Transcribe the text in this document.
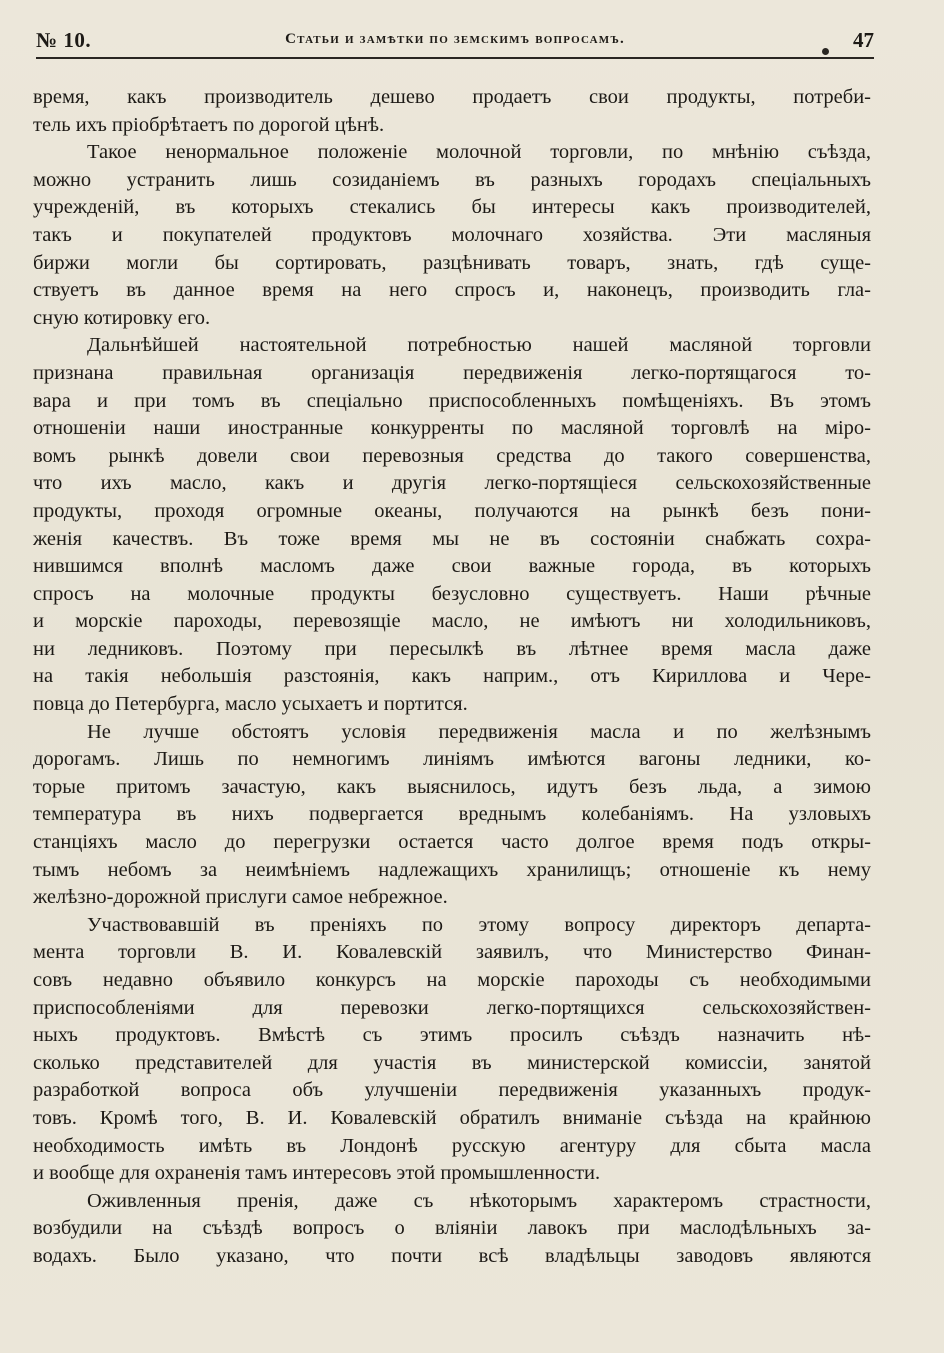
№ 10.	Статьи и замѣтки по земскимъ вопросамъ.	47
время, какъ производитель дешево продаетъ свои продукты, потреби-
тель ихъ пріобрѣтаетъ по дорогой цѣнѣ.
Такое ненормальное положеніе молочной торговли, по мнѣнію съѣзда,
можно устранить лишь созиданіемъ въ разныхъ городахъ спеціальныхъ
учрежденій, въ которыхъ стекались бы интересы какъ производителей,
такъ и покупателей продуктовъ молочнаго хозяйства. Эти масляныя
биржи могли бы сортировать, разцѣнивать товаръ, знать, гдѣ суще-
ствуетъ въ данное время на него спросъ и, наконецъ, производить гла-
сную котировку его.
Дальнѣйшей настоятельной потребностью нашей масляной торговли
признана правильная организація передвиженія легко-портящагося то-
вара и при томъ въ спеціально приспособленныхъ помѣщеніяхъ. Въ этомъ
отношеніи наши иностранные конкурренты по масляной торговлѣ на міро-
вомъ рынкѣ довели свои перевозныя средства до такого совершенства,
что ихъ масло, какъ и другія легко-портящіеся сельскохозяйственные
продукты, проходя огромные океаны, получаются на рынкѣ безъ пони-
женія качествъ. Въ тоже время мы не въ состояніи снабжать сохра-
нившимся вполнѣ масломъ даже свои важные города, въ которыхъ
спросъ на молочные продукты безусловно существуетъ. Наши рѣчные
и морскіе пароходы, перевозящіе масло, не имѣютъ ни холодильниковъ,
ни ледниковъ. Поэтому при пересылкѣ въ лѣтнее время масла даже
на такія небольшія разстоянія, какъ наприм., отъ Кириллова и Чере-
повца до Петербурга, масло усыхаетъ и портится.
Не лучше обстоятъ условія передвиженія масла и по желѣзнымъ
дорогамъ. Лишь по немногимъ линіямъ имѣются вагоны ледники, ко-
торые притомъ зачастую, какъ выяснилось, идутъ безъ льда, а зимою
температура въ нихъ подвергается вреднымъ колебаніямъ. На узловыхъ
станціяхъ масло до перегрузки остается часто долгое время подъ откры-
тымъ небомъ за неимѣніемъ надлежащихъ хранилищъ; отношеніе къ нему
желѣзно-дорожной прислуги самое небрежное.
Участвовавшій въ преніяхъ по этому вопросу директоръ департа-
мента торговли В. И. Ковалевскій заявилъ, что Министерство Финан-
совъ недавно объявило конкурсъ на морскіе пароходы съ необходимыми
приспособленіями для перевозки легко-портящихся сельскохозяйствен-
ныхъ продуктовъ. Вмѣстѣ съ этимъ просилъ съѣздъ назначить нѣ-
сколько представителей для участія въ министерской комиссіи, занятой
разработкой вопроса объ улучшеніи передвиженія указанныхъ продук-
товъ. Кромѣ того, В. И. Ковалевскій обратилъ вниманіе съѣзда на крайнюю
необходимость имѣть въ Лондонѣ русскую агентуру для сбыта масла
и вообще для охраненія тамъ интересовъ этой промышленности.
Оживленныя пренія, даже съ нѣкоторымъ характеромъ страстности,
возбудили на съѣздѣ вопросъ о вліяніи лавокъ при маслодѣльныхъ за-
водахъ. Было указано, что почти всѣ владѣльцы заводовъ являются
